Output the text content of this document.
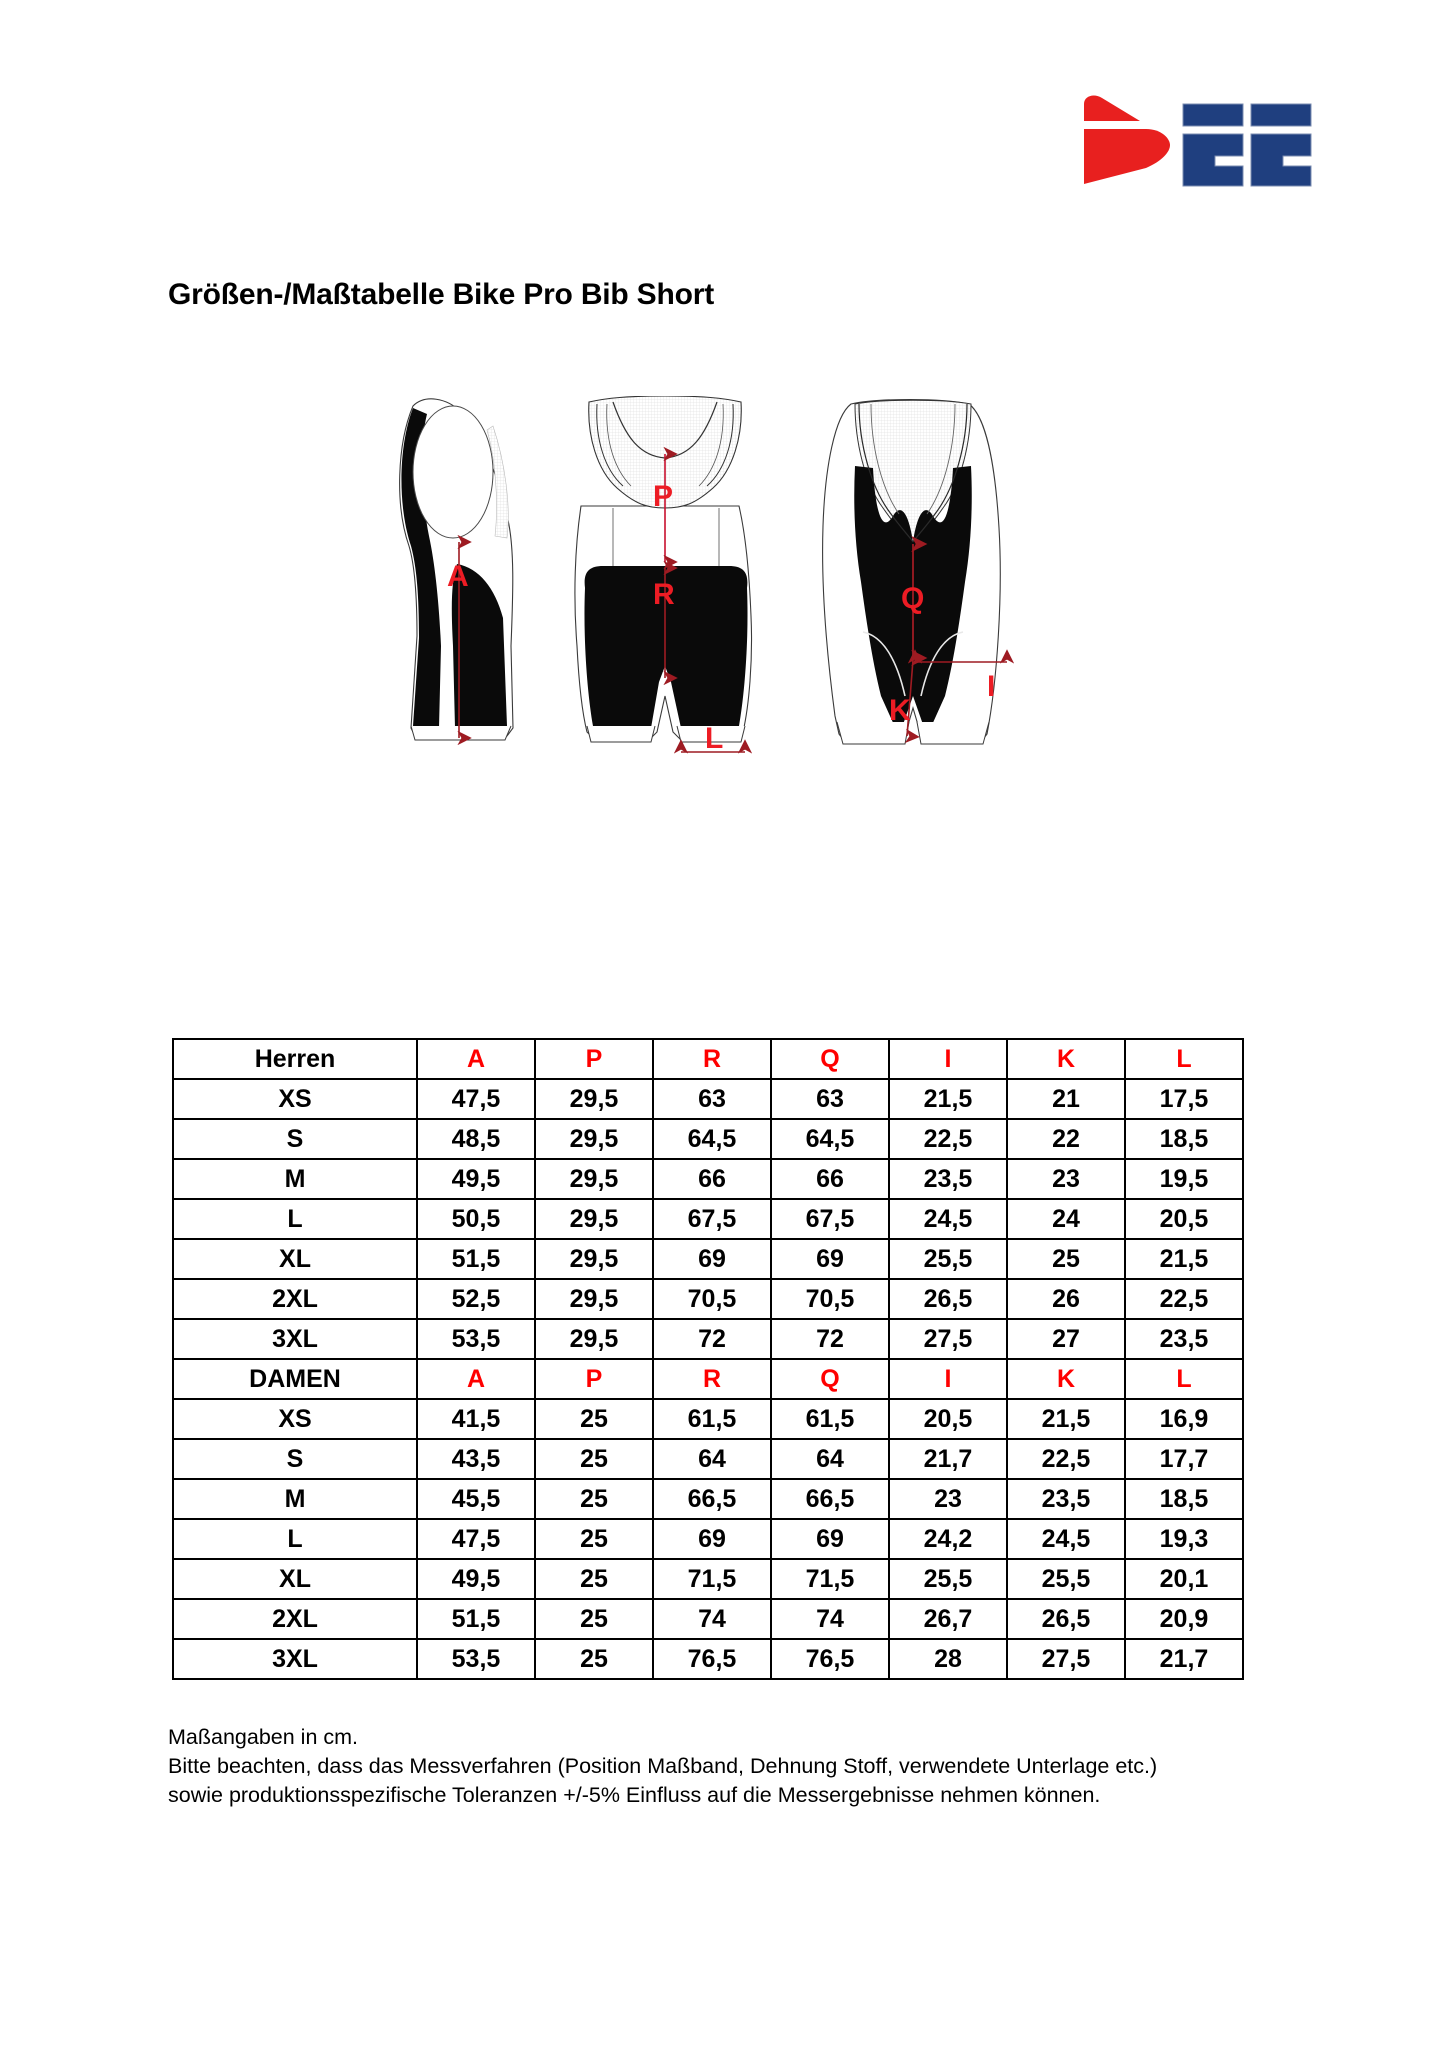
Größen-/Maßtabelle Bike Pro Bib Short
A
P
R
L
Q
I
K
Herren	A	P	R	Q	I	K	L
XS	47,5	29,5	63	63	21,5	21	17,5
S	48,5	29,5	64,5	64,5	22,5	22	18,5
M	49,5	29,5	66	66	23,5	23	19,5
L	50,5	29,5	67,5	67,5	24,5	24	20,5
XL	51,5	29,5	69	69	25,5	25	21,5
2XL	52,5	29,5	70,5	70,5	26,5	26	22,5
3XL	53,5	29,5	72	72	27,5	27	23,5
DAMEN	A	P	R	Q	I	K	L
XS	41,5	25	61,5	61,5	20,5	21,5	16,9
S	43,5	25	64	64	21,7	22,5	17,7
M	45,5	25	66,5	66,5	23	23,5	18,5
L	47,5	25	69	69	24,2	24,5	19,3
XL	49,5	25	71,5	71,5	25,5	25,5	20,1
2XL	51,5	25	74	74	26,7	26,5	20,9
3XL	53,5	25	76,5	76,5	28	27,5	21,7
Maßangaben in cm.
Bitte beachten, dass das Messverfahren (Position Maßband, Dehnung Stoff, verwendete Unterlage etc.) sowie produktionsspezifische Toleranzen +/-5% Einfluss auf die Messergebnisse nehmen können.
